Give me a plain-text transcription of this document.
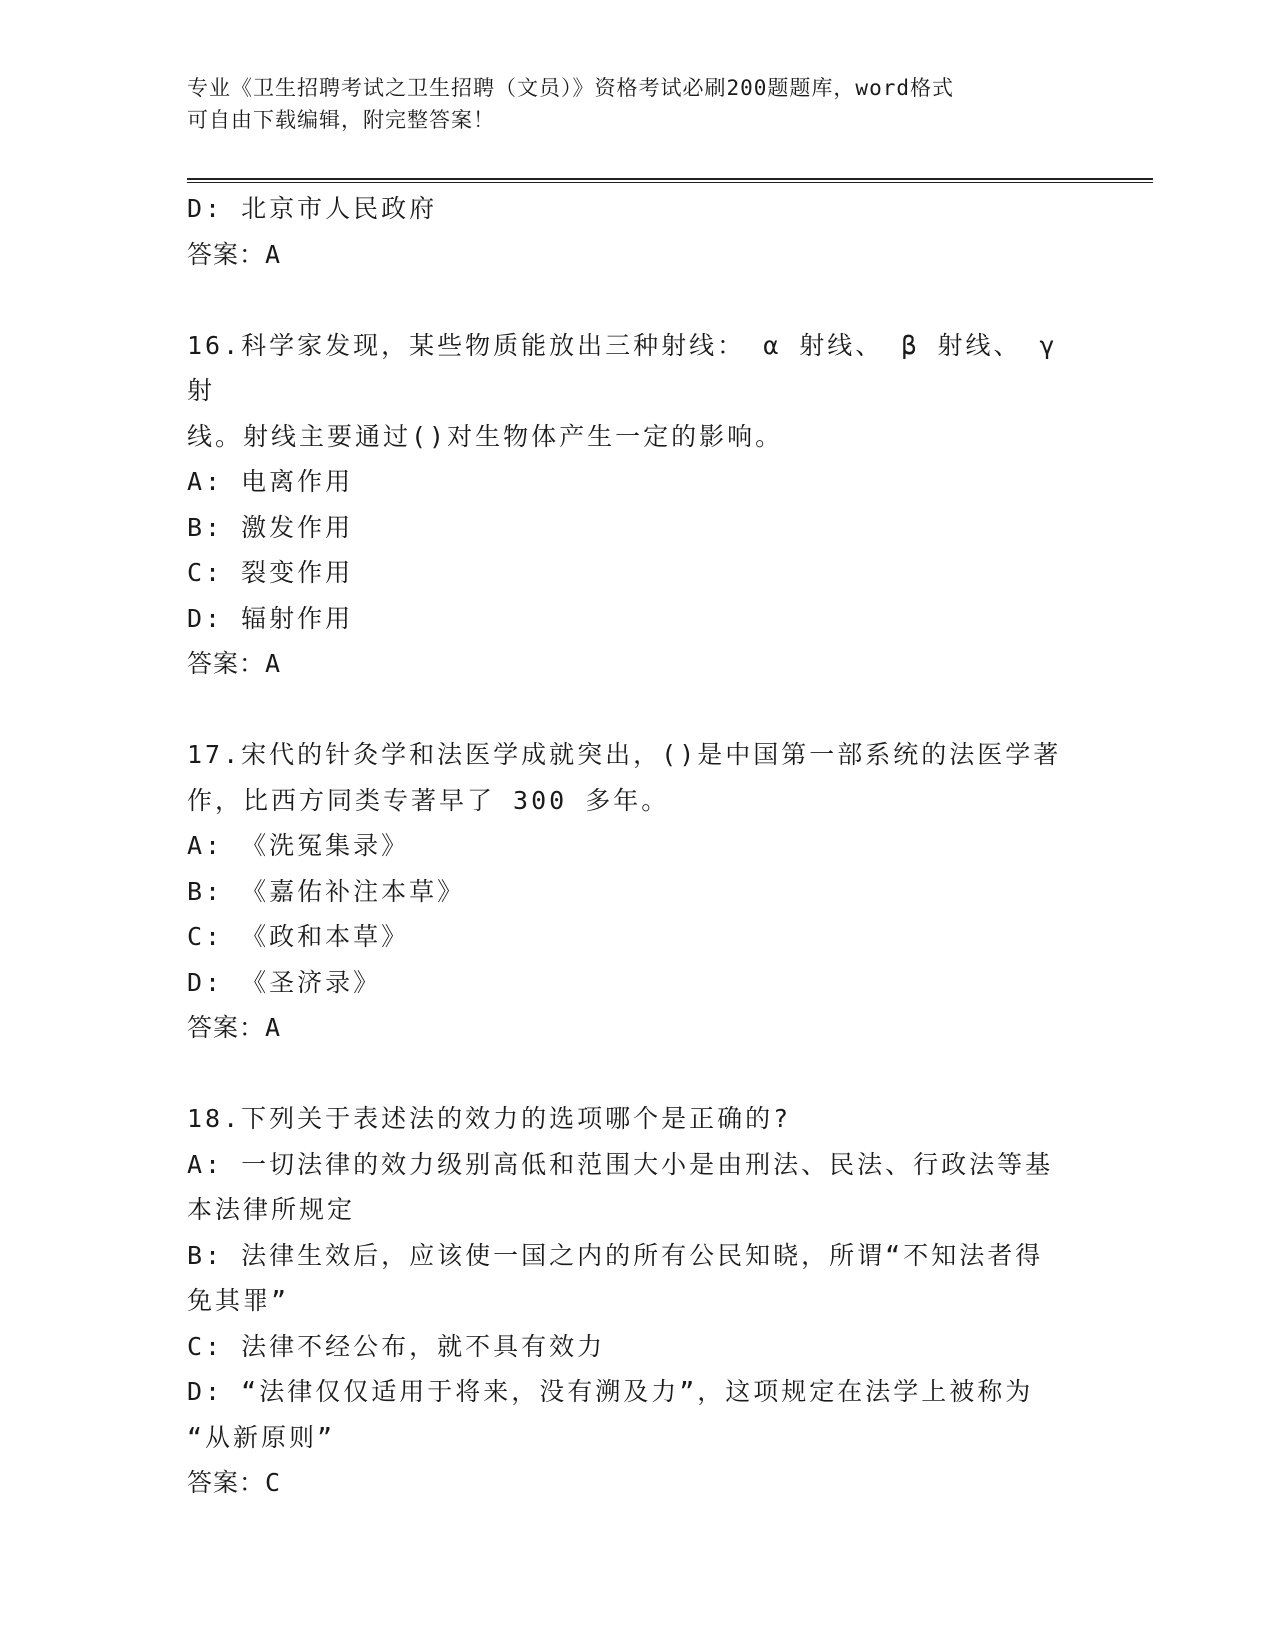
专业《卫生招聘考试之卫生招聘（文员）》资格考试必刷200题题库，word格式
可自由下载编辑，附完整答案！
D: 北京市人民政府
答案：A
16.科学家发现，某些物质能放出三种射线： α 射线、 β 射线、 γ 射
线。射线主要通过()对生物体产生一定的影响。
A: 电离作用
B: 激发作用
C: 裂变作用
D: 辐射作用
答案：A
17.宋代的针灸学和法医学成就突出，()是中国第一部系统的法医学著
作，比西方同类专著早了 300 多年。
A: 《洗冤集录》
B: 《嘉佑补注本草》
C: 《政和本草》
D: 《圣济录》
答案：A
18.下列关于表述法的效力的选项哪个是正确的?
A: 一切法律的效力级别高低和范围大小是由刑法、民法、行政法等基
本法律所规定
B: 法律生效后，应该使一国之内的所有公民知晓，所谓“不知法者得
免其罪”
C: 法律不经公布，就不具有效力
D: “法律仅仅适用于将来，没有溯及力”，这项规定在法学上被称为
“从新原则”
答案：C
